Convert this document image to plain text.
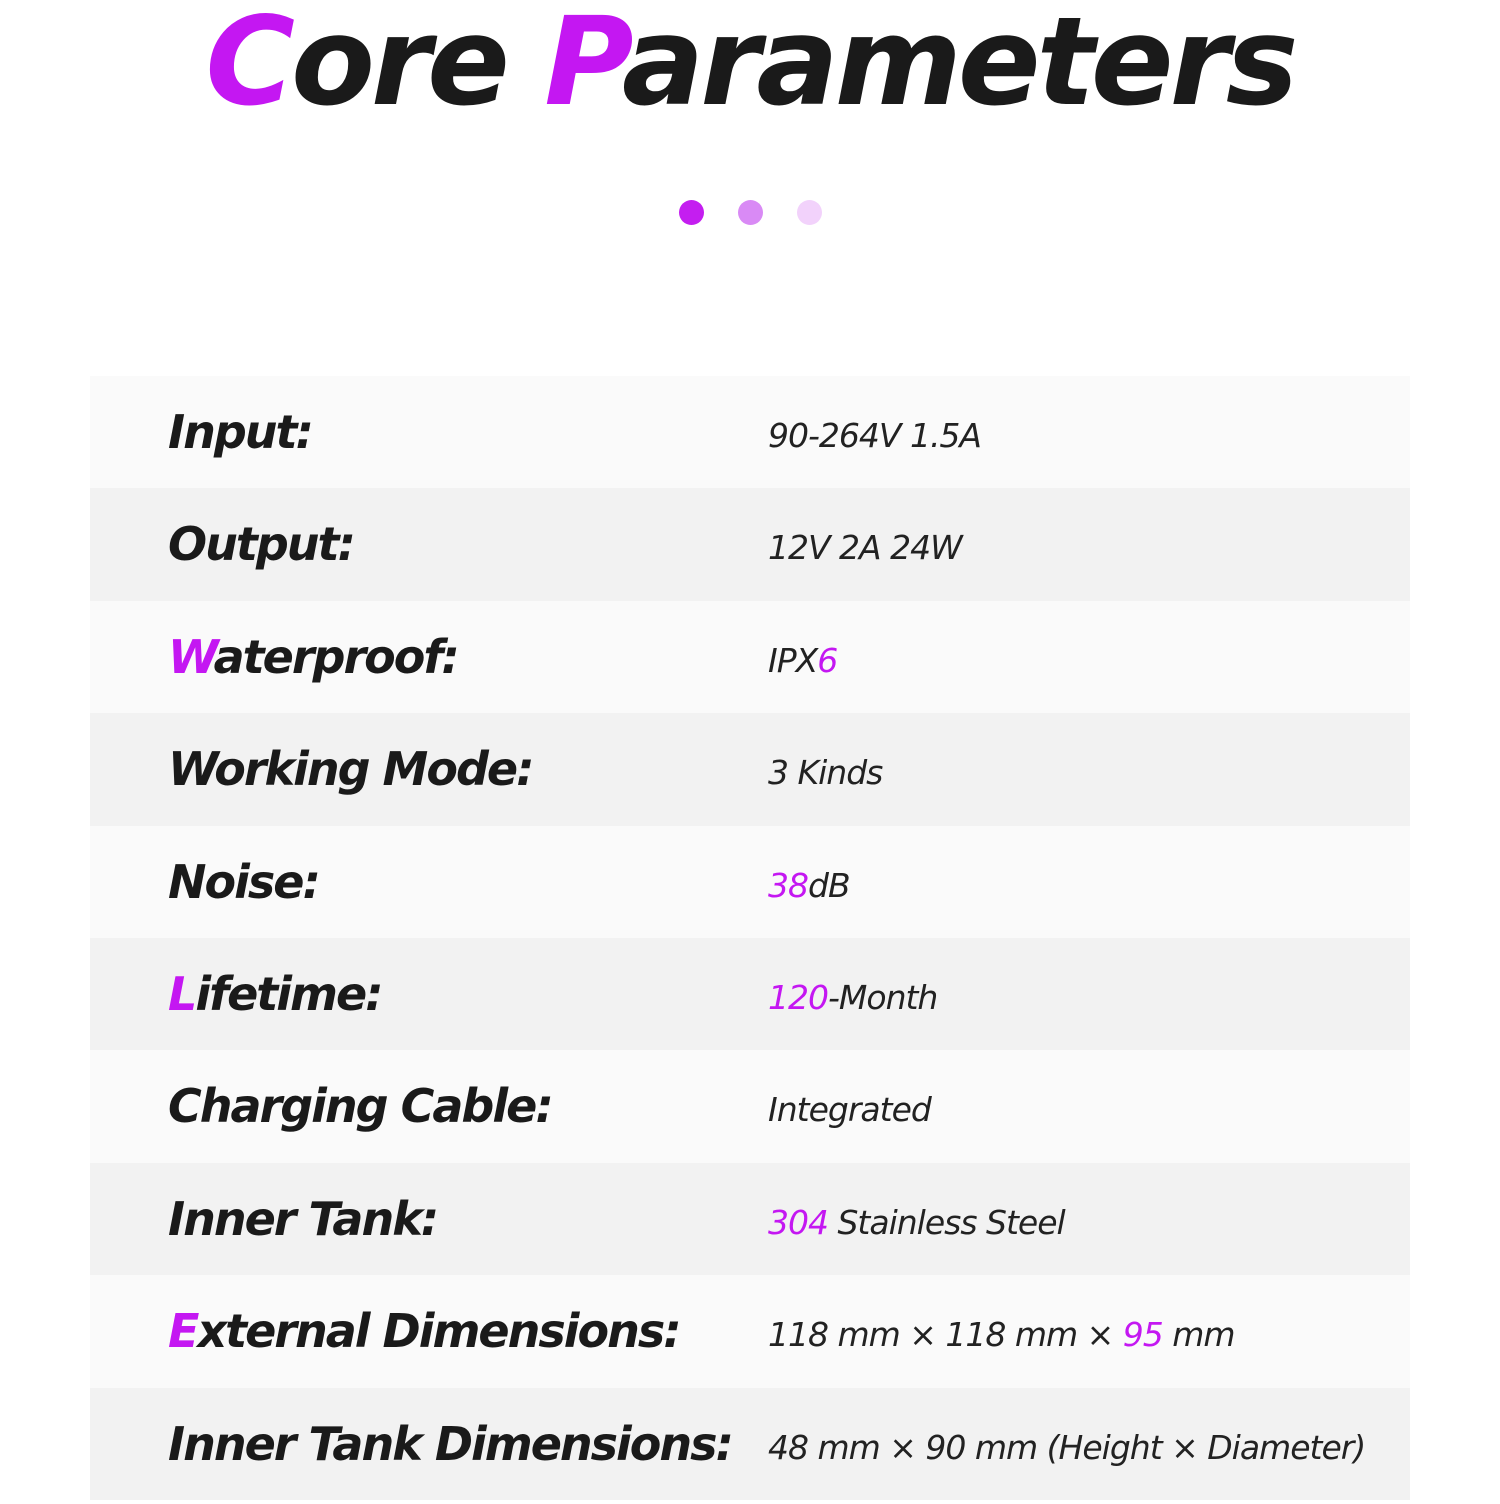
Core Parameters
Input:	90-264V 1.5A
Output:	12V 2A 24W
Waterproof:	IPX6
Working Mode:	3 Kinds
Noise:	38dB
Lifetime:	120-Month
Charging Cable:	Integrated
Inner Tank:	304 Stainless Steel
External Dimensions:	118 mm × 118 mm × 95 mm
Inner Tank Dimensions: 48 mm × 90 mm (Height × Diameter)
